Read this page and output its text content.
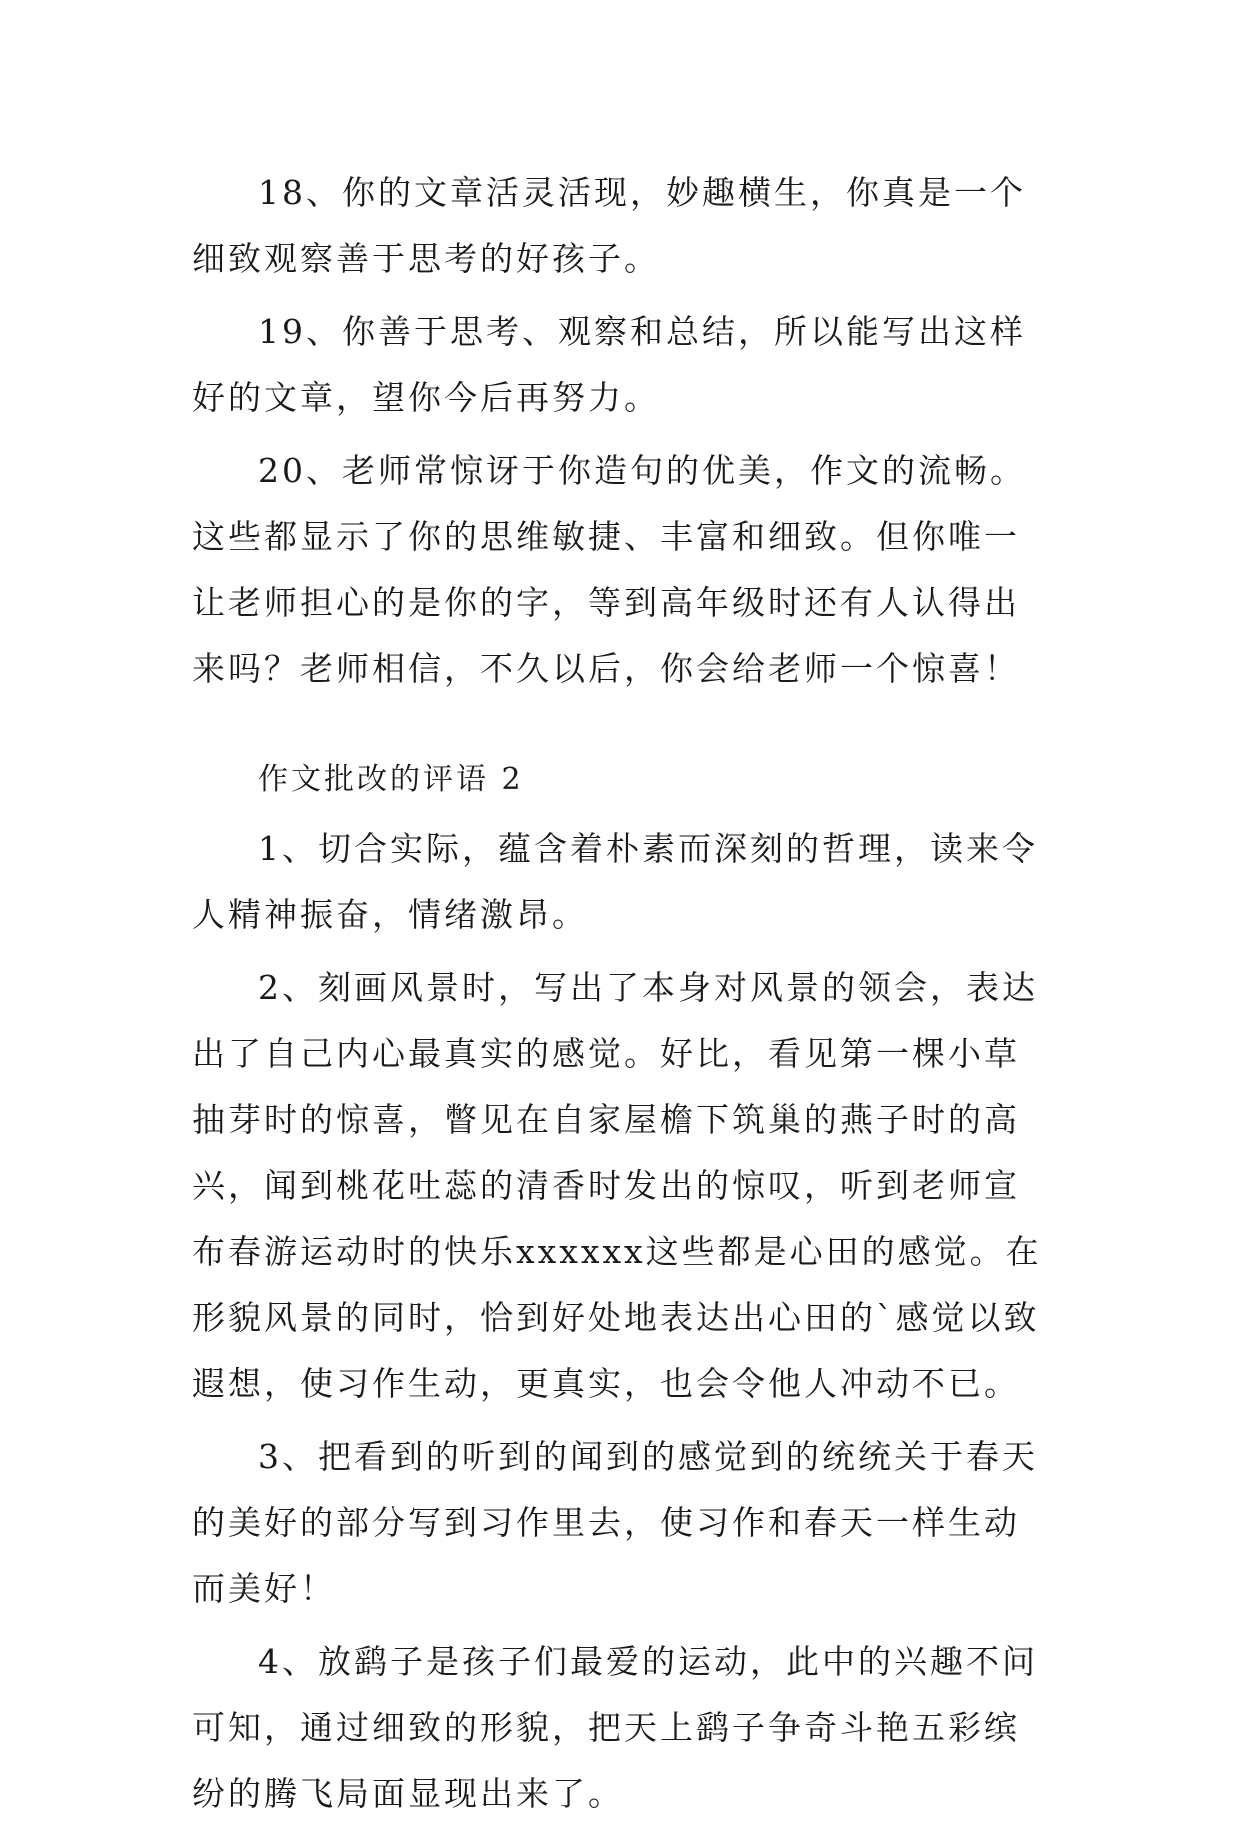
18、你的文章活灵活现，妙趣横生，你真是一个细致观察善于思考的好孩子。

19、你善于思考、观察和总结，所以能写出这样好的文章，望你今后再努力。

20、老师常惊讶于你造句的优美，作文的流畅。这些都显示了你的思维敏捷、丰富和细致。但你唯一让老师担心的是你的字，等到高年级时还有人认得出来吗？老师相信，不久以后，你会给老师一个惊喜！

作文批改的评语 2

1、切合实际，蕴含着朴素而深刻的哲理，读来令人精神振奋，情绪激昂。

2、刻画风景时，写出了本身对风景的领会，表达出了自己内心最真实的感觉。好比，看见第一棵小草抽芽时的惊喜，瞥见在自家屋檐下筑巢的燕子时的高兴，闻到桃花吐蕊的清香时发出的惊叹，听到老师宣布春游运动时的快乐xxxxxx这些都是心田的感觉。在形貌风景的同时，恰到好处地表达出心田的`感觉以致遐想，使习作生动，更真实，也会令他人冲动不已。

3、把看到的听到的闻到的感觉到的统统关于春天的美好的部分写到习作里去，使习作和春天一样生动而美好！

4、放鹞子是孩子们最爱的运动，此中的兴趣不问可知，通过细致的形貌，把天上鹞子争奇斗艳五彩缤纷的腾飞局面显现出来了。
